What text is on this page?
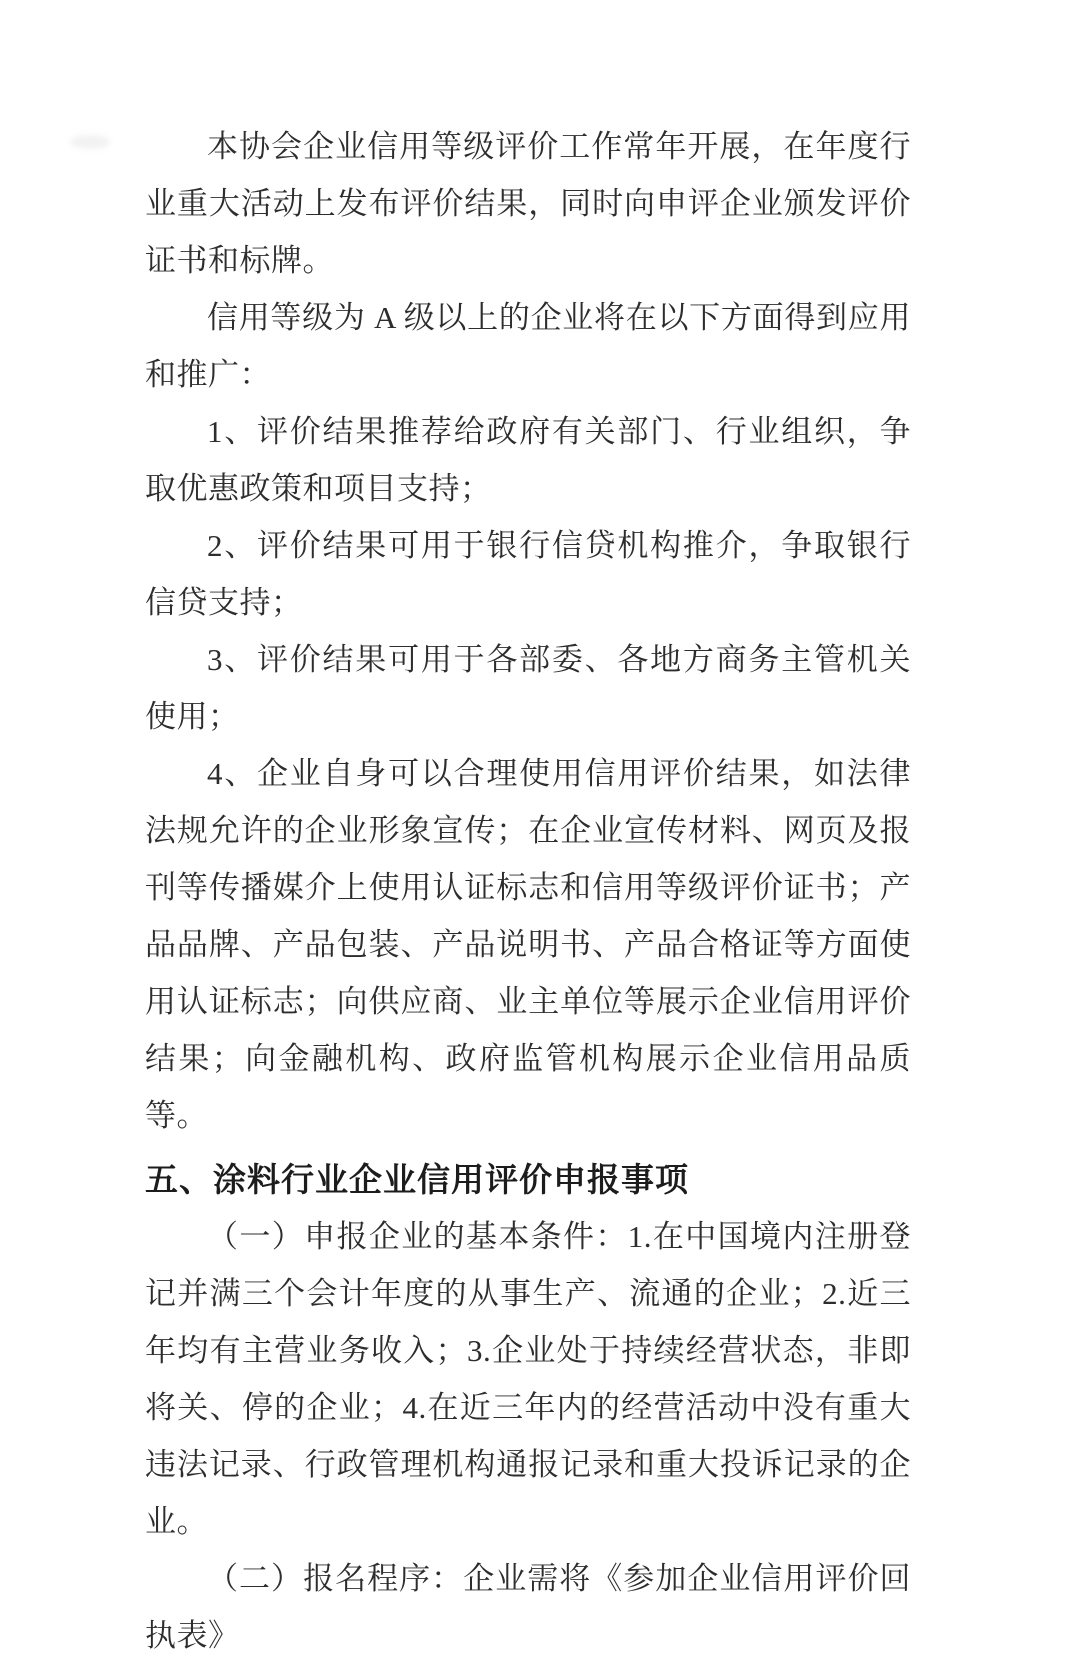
本协会企业信用等级评价工作常年开展，在年度行业重大活动上发布评价结果，同时向申评企业颁发评价证书和标牌。

信用等级为 A 级以上的企业将在以下方面得到应用和推广：

1、评价结果推荐给政府有关部门、行业组织，争取优惠政策和项目支持；

2、评价结果可用于银行信贷机构推介，争取银行信贷支持；

3、评价结果可用于各部委、各地方商务主管机关使用；

4、企业自身可以合理使用信用评价结果，如法律法规允许的企业形象宣传；在企业宣传材料、网页及报刊等传播媒介上使用认证标志和信用等级评价证书；产品品牌、产品包装、产品说明书、产品合格证等方面使用认证标志；向供应商、业主单位等展示企业信用评价结果；向金融机构、政府监管机构展示企业信用品质等。

五、涂料行业企业信用评价申报事项

（一）申报企业的基本条件：1.在中国境内注册登记并满三个会计年度的从事生产、流通的企业；2.近三年均有主营业务收入；3.企业处于持续经营状态，非即将关、停的企业；4.在近三年内的经营活动中没有重大违法记录、行政管理机构通报记录和重大投诉记录的企业。

（二）报名程序：企业需将《参加企业信用评价回执表》
